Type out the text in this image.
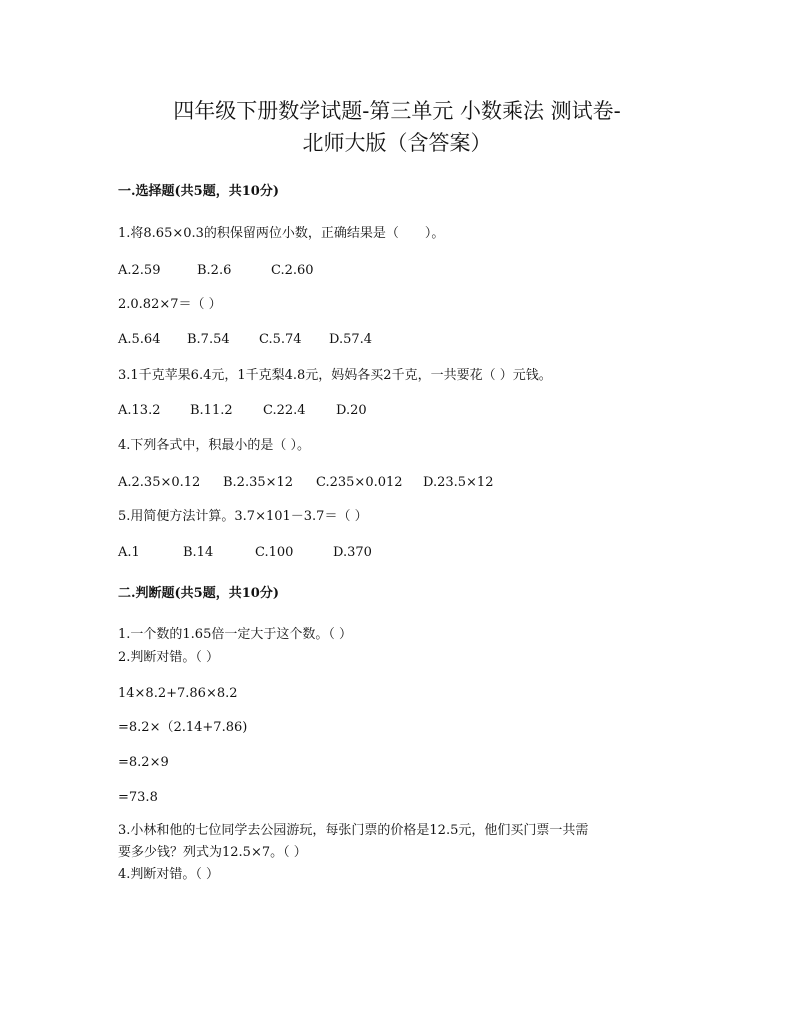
四年级下册数学试题-第三单元 小数乘法 测试卷-
北师大版（含答案）
一.选择题(共5题，共10分)
1.将8.65×0.3的积保留两位小数，正确结果是（　　）。
A.2.59	B.2.6	C.2.60
2.0.82×7＝（ ）
A.5.64 B.7.54 C.5.74 D.57.4
3.1千克苹果6.4元，1千克梨4.8元，妈妈各买2千克，一共要花（ ）元钱。
A.13.2 B.11.2 C.22.4 D.20
4.下列各式中，积最小的是（ ）。
A.2.35×0.12 B.2.35×12 C.235×0.012 D.23.5×12
5.用简便方法计算。3.7×101－3.7＝（ ）
A.1	B.14	C.100	D.370
二.判断题(共5题，共10分)
1.一个数的1.65倍一定大于这个数。（ ）
2.判断对错。（ ）
14×8.2+7.86×8.2
=8.2×（2.14+7.86)
=8.2×9
=73.8
3.小林和他的七位同学去公园游玩，每张门票的价格是12.5元，他们买门票一共需
要多少钱？列式为12.5×7。（ ）
4.判断对错。（ ）
